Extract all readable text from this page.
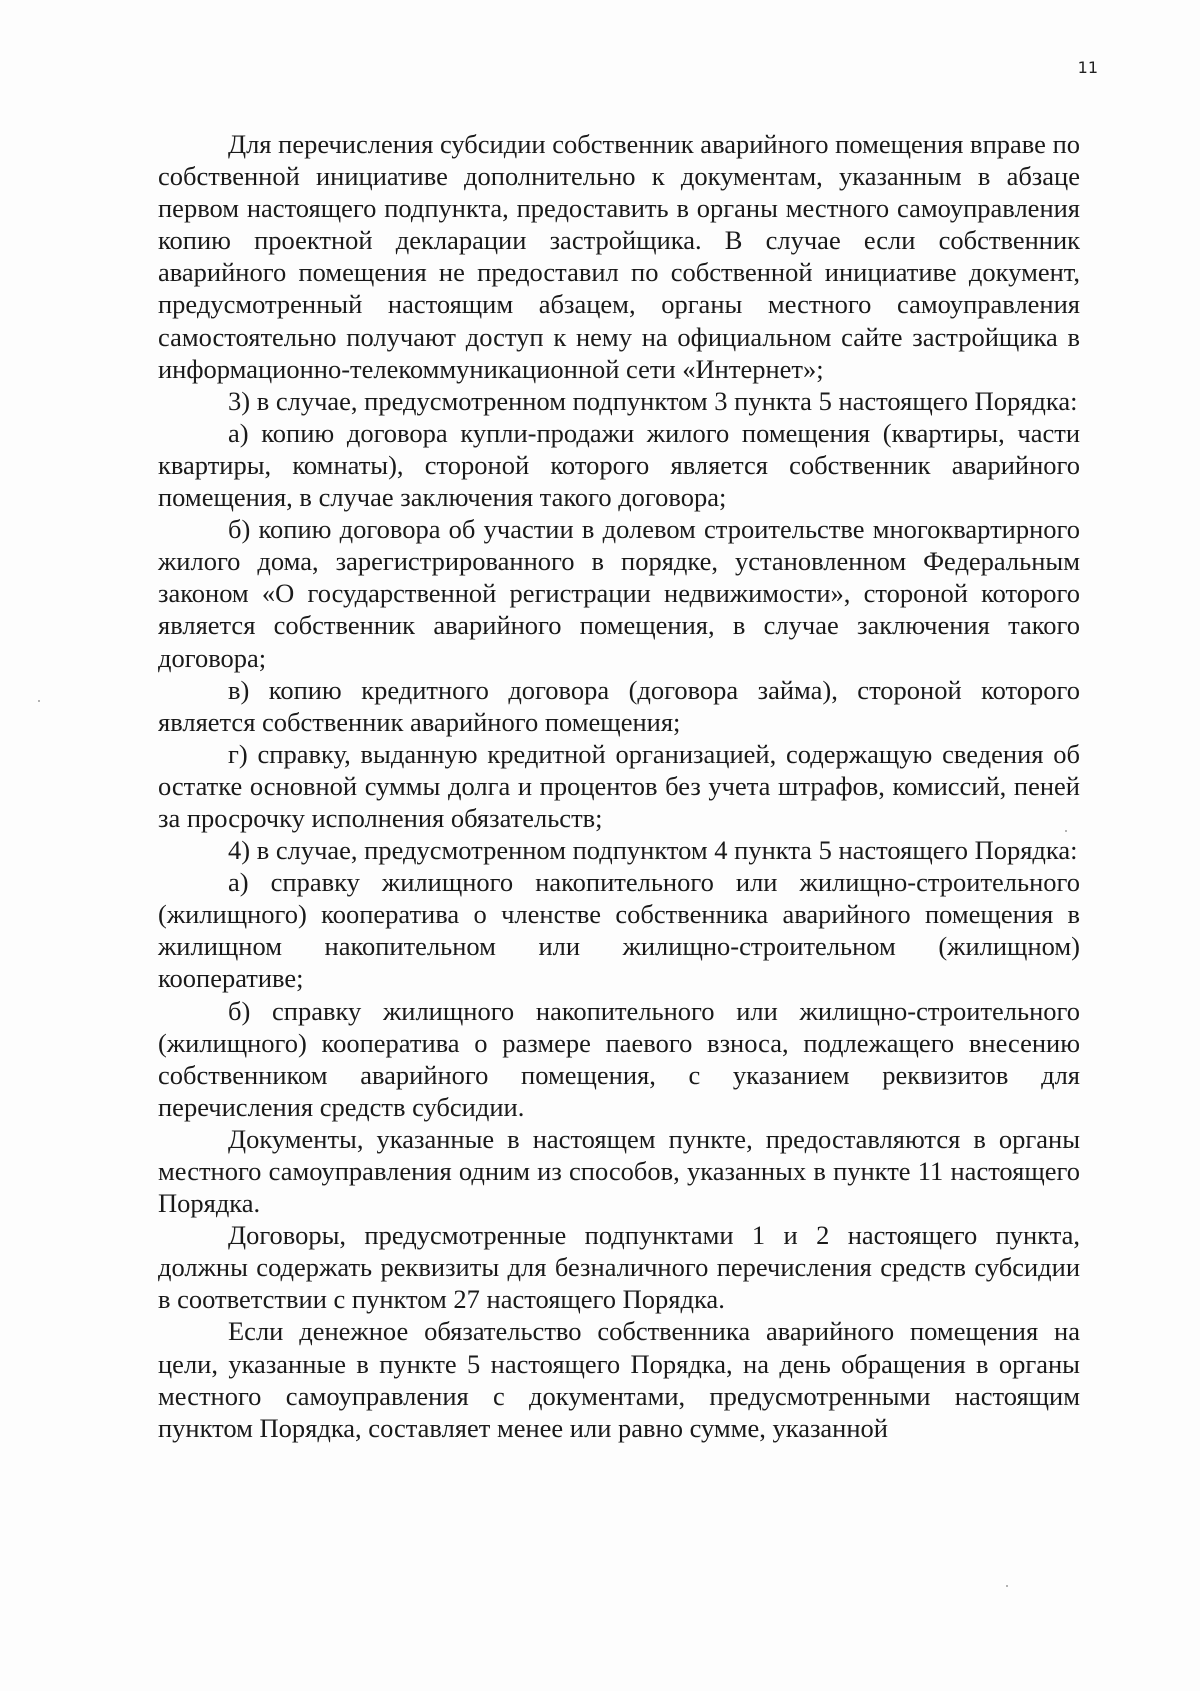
11

Для перечисления субсидии собственник аварийного помещения вправе по собственной инициативе дополнительно к документам, указанным в абзаце первом настоящего подпункта, предоставить в органы местного самоуправления копию проектной декларации застройщика. В случае если собственник аварийного помещения не предоставил по собственной инициативе документ, предусмотренный настоящим абзацем, органы местного самоуправления самостоятельно получают доступ к нему на официальном сайте застройщика в информационно-телекоммуникационной сети «Интернет»;

3) в случае, предусмотренном подпунктом 3 пункта 5 настоящего Порядка:

а) копию договора купли-продажи жилого помещения (квартиры, части квартиры, комнаты), стороной которого является собственник аварийного помещения, в случае заключения такого договора;

б) копию договора об участии в долевом строительстве многоквартирного жилого дома, зарегистрированного в порядке, установленном Федеральным законом «О государственной регистрации недвижимости», стороной которого является собственник аварийного помещения, в случае заключения такого договора;

в) копию кредитного договора (договора займа), стороной которого является собственник аварийного помещения;

г) справку, выданную кредитной организацией, содержащую сведения об остатке основной суммы долга и процентов без учета штрафов, комиссий, пеней за просрочку исполнения обязательств;

4) в случае, предусмотренном подпунктом 4 пункта 5 настоящего Порядка:

а) справку жилищного накопительного или жилищно-строительного (жилищного) кооператива о членстве собственника аварийного помещения в жилищном накопительном или жилищно-строительном (жилищном) кооперативе;

б) справку жилищного накопительного или жилищно-строительного (жилищного) кооператива о размере паевого взноса, подлежащего внесению собственником аварийного помещения, с указанием реквизитов для перечисления средств субсидии.

Документы, указанные в настоящем пункте, предоставляются в органы местного самоуправления одним из способов, указанных в пункте 11 настоящего Порядка.

Договоры, предусмотренные подпунктами 1 и 2 настоящего пункта, должны содержать реквизиты для безналичного перечисления средств субсидии в соответствии с пунктом 27 настоящего Порядка.

Если денежное обязательство собственника аварийного помещения на цели, указанные в пункте 5 настоящего Порядка, на день обращения в органы местного самоуправления с документами, предусмотренными настоящим пунктом Порядка, составляет менее или равно сумме, указанной
